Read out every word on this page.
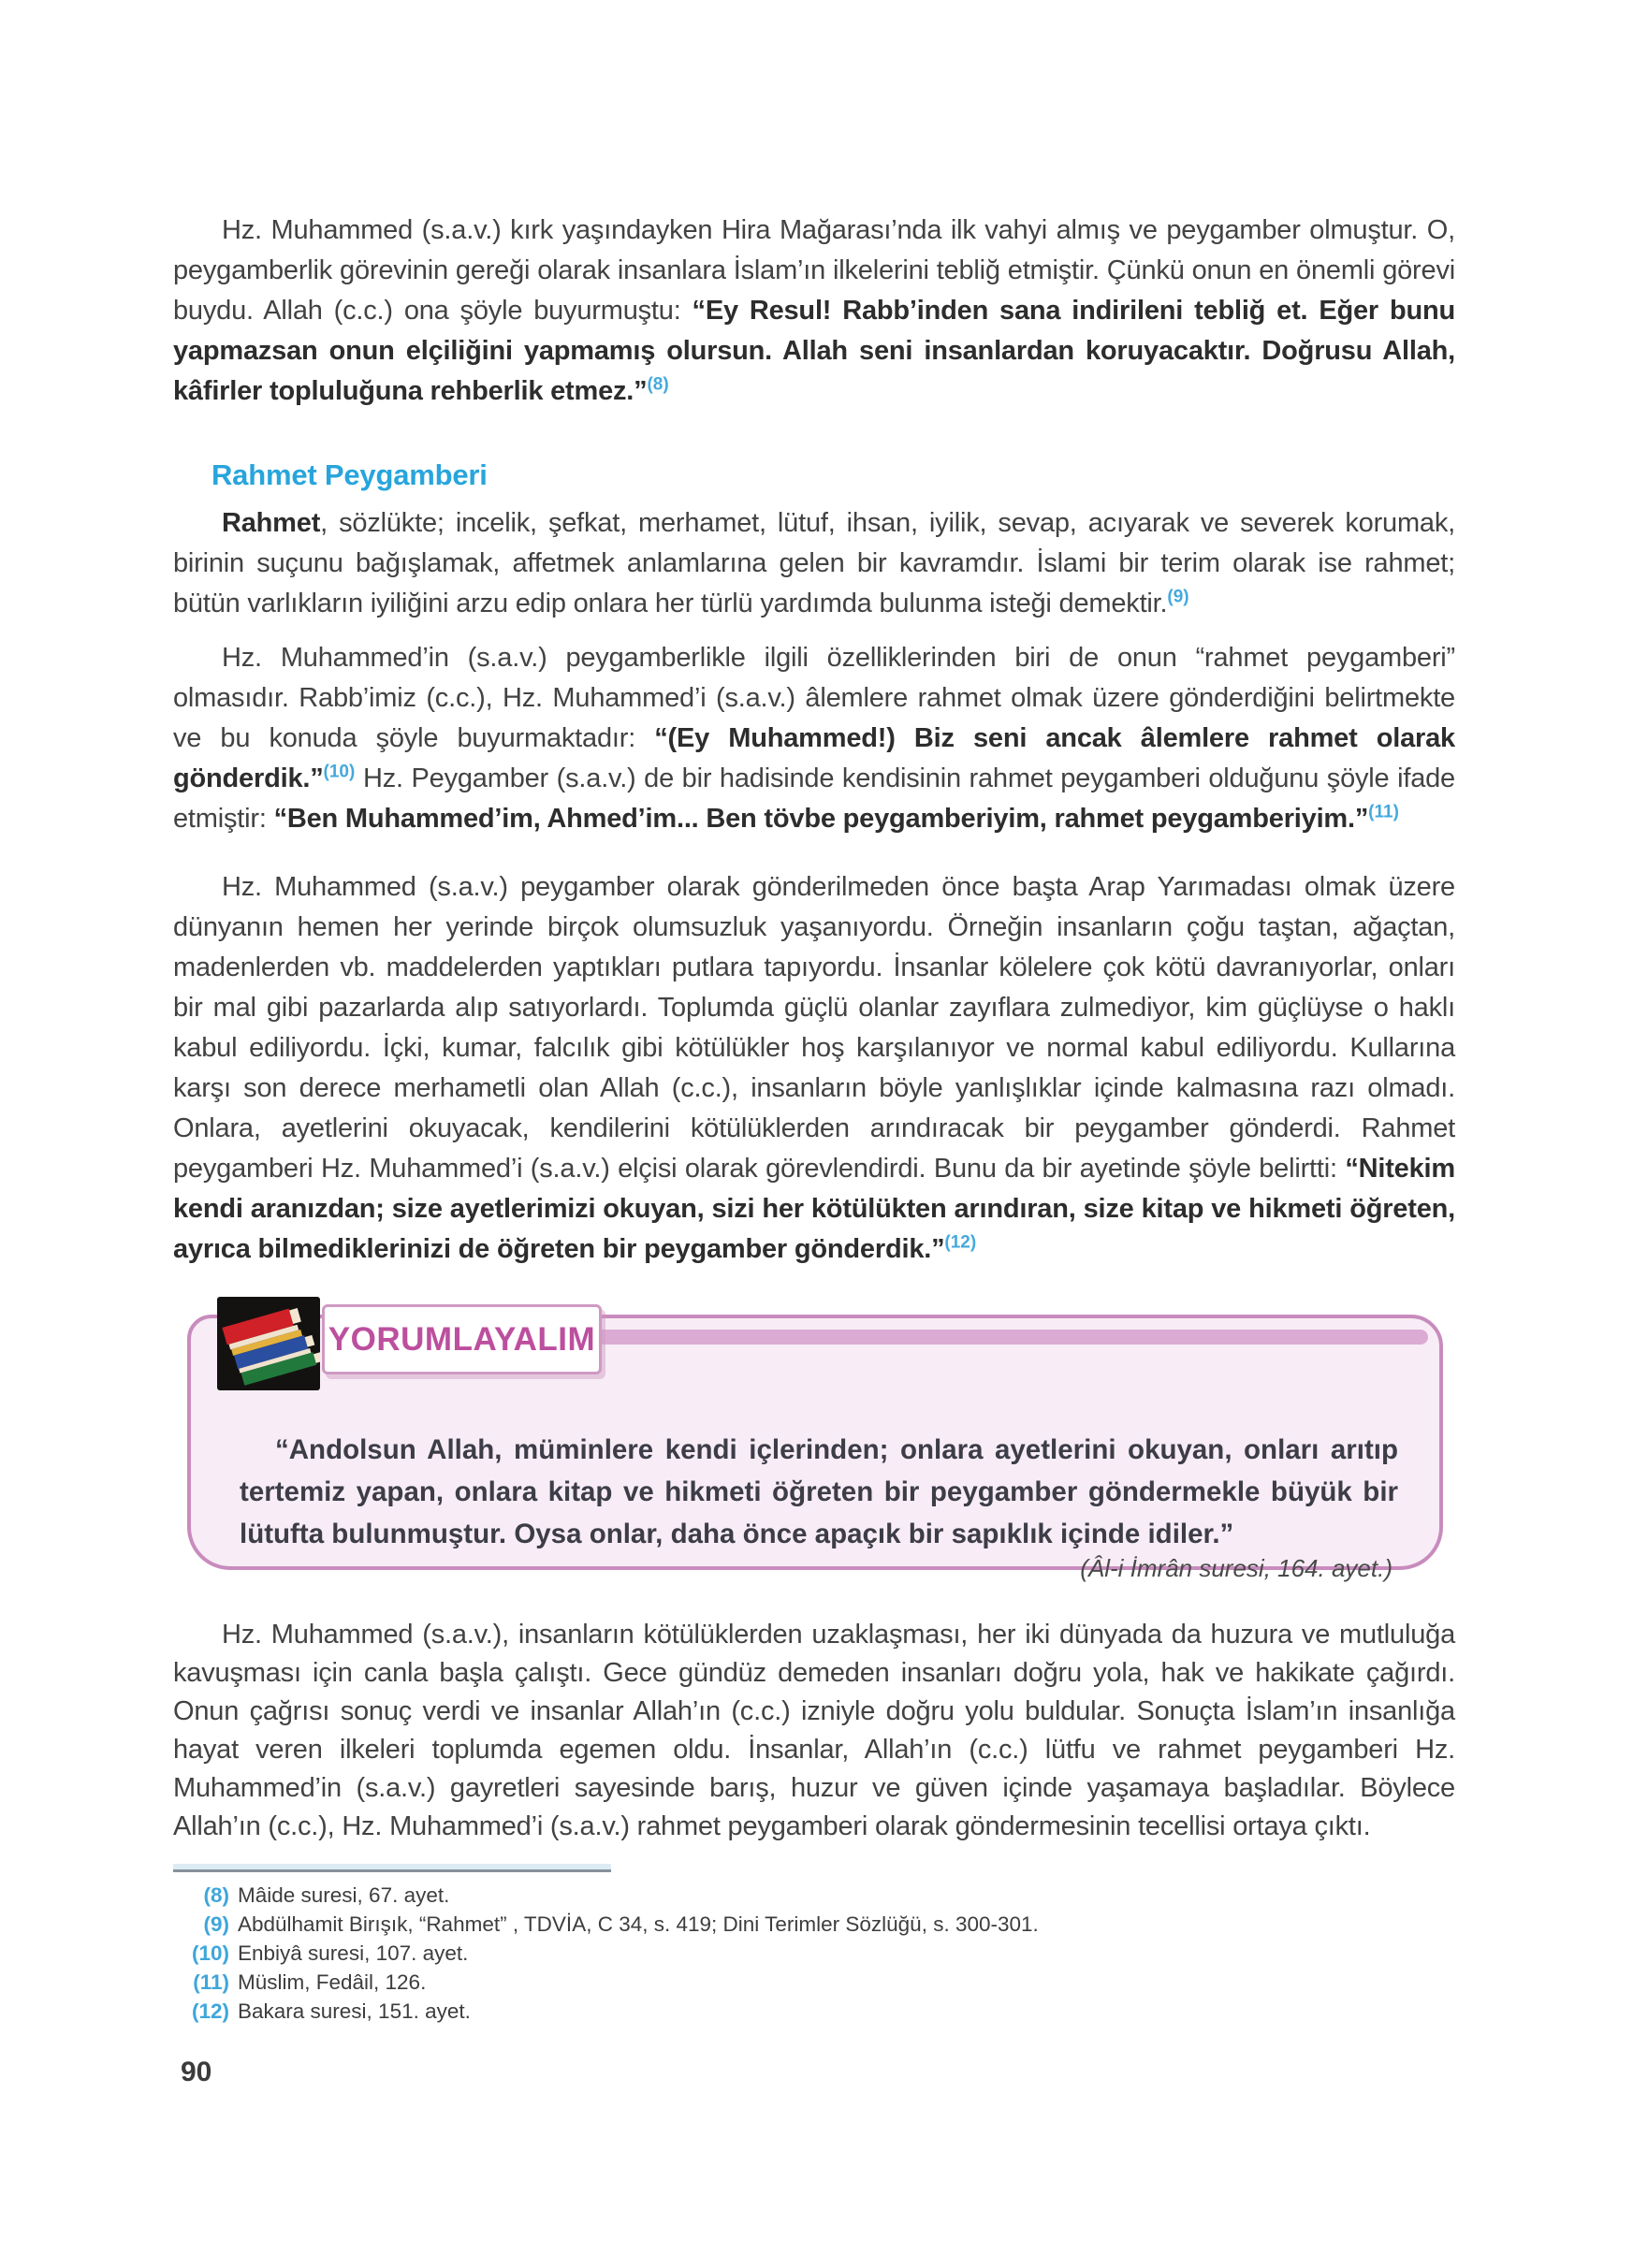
Hz. Muhammed (s.a.v.) kırk yaşındayken Hira Mağarası’nda ilk vahyi almış ve peygamber olmuştur. O, peygamberlik görevinin gereği olarak insanlara İslam’ın ilkelerini tebliğ etmiştir. Çünkü onun en önemli görevi buydu. Allah (c.c.) ona şöyle buyurmuştu: “Ey Resul! Rabb’inden sana indirileni tebliğ et. Eğer bunu yapmazsan onun elçiliğini yapmamış olursun. Allah seni insanlardan koruyacaktır. Doğrusu Allah, kâfirler topluluğuna rehberlik etmez.”$^{(8)}$

Rahmet Peygamberi

Rahmet, sözlükte; incelik, şefkat, merhamet, lütuf, ihsan, iyilik, sevap, acıyarak ve severek korumak, birinin suçunu bağışlamak, affetmek anlamlarına gelen bir kavramdır. İslami bir terim olarak ise rahmet; bütün varlıkların iyiliğini arzu edip onlara her türlü yardımda bulunma isteği demektir.$^{(9)}$

Hz. Muhammed’in (s.a.v.) peygamberlikle ilgili özelliklerinden biri de onun “rahmet peygamberi” olmasıdır. Rabb’imiz (c.c.), Hz. Muhammed’i (s.a.v.) âlemlere rahmet olmak üzere gönderdiğini belirtmekte ve bu konuda şöyle buyurmaktadır: “(Ey Muhammed!) Biz seni ancak âlemlere rahmet olarak gönderdik.”$^{(10)}$ Hz. Peygamber (s.a.v.) de bir hadisinde kendisinin rahmet peygamberi olduğunu şöyle ifade etmiştir: “Ben Muhammed’im, Ahmed’im... Ben tövbe peygamberiyim, rahmet peygamberiyim.”$^{(11)}$

Hz. Muhammed (s.a.v.) peygamber olarak gönderilmeden önce başta Arap Yarımadası olmak üzere dünyanın hemen her yerinde birçok olumsuzluk yaşanıyordu. Örneğin insanların çoğu taştan, ağaçtan, madenlerden vb. maddelerden yaptıkları putlara tapıyordu. İnsanlar kölelere çok kötü davranıyorlar, onları bir mal gibi pazarlarda alıp satıyorlardı. Toplumda güçlü olanlar zayıflara zulmediyor, kim güçlüyse o haklı kabul ediliyordu. İçki, kumar, falcılık gibi kötülükler hoş karşılanıyor ve normal kabul ediliyordu. Kullarına karşı son derece merhametli olan Allah (c.c.), insanların böyle yanlışlıklar içinde kalmasına razı olmadı. Onlara, ayetlerini okuyacak, kendilerini kötülüklerden arındıracak bir peygamber gönderdi. Rahmet peygamberi Hz. Muhammed’i (s.a.v.) elçisi olarak görevlendirdi. Bunu da bir ayetinde şöyle belirtti: “Nitekim kendi aranızdan; size ayetlerimizi okuyan, sizi her kötülükten arındıran, size kitap ve hikmeti öğreten, ayrıca bilmediklerinizi de öğreten bir peygamber gönderdik.”$^{(12)}$

YORUMLAYALIM

“Andolsun Allah, müminlere kendi içlerinden; onlara ayetlerini okuyan, onları arıtıp tertemiz yapan, onlara kitap ve hikmeti öğreten bir peygamber göndermekle büyük bir lütufta bulunmuştur. Oysa onlar, daha önce apaçık bir sapıklık içinde idiler.”

(Âl-i İmrân suresi, 164. ayet.)

Hz. Muhammed (s.a.v.), insanların kötülüklerden uzaklaşması, her iki dünyada da huzura ve mutluluğa kavuşması için canla başla çalıştı. Gece gündüz demeden insanları doğru yola, hak ve hakikate çağırdı. Onun çağrısı sonuç verdi ve insanlar Allah’ın (c.c.) izniyle doğru yolu buldular. Sonuçta İslam’ın insanlığa hayat veren ilkeleri toplumda egemen oldu. İnsanlar, Allah’ın (c.c.) lütfu ve rahmet peygamberi Hz. Muhammed’in (s.a.v.) gayretleri sayesinde barış, huzur ve güven içinde yaşamaya başladılar. Böylece Allah’ın (c.c.), Hz. Muhammed’i (s.a.v.) rahmet peygamberi olarak göndermesinin tecellisi ortaya çıktı.

(8) Mâide suresi, 67. ayet.
(9) Abdülhamit Birışık, “Rahmet” , TDVİA, C 34, s. 419; Dini Terimler Sözlüğü, s. 300-301.
(10) Enbiyâ suresi, 107. ayet.
(11) Müslim, Fedâil, 126.
(12) Bakara suresi, 151. ayet.
90
